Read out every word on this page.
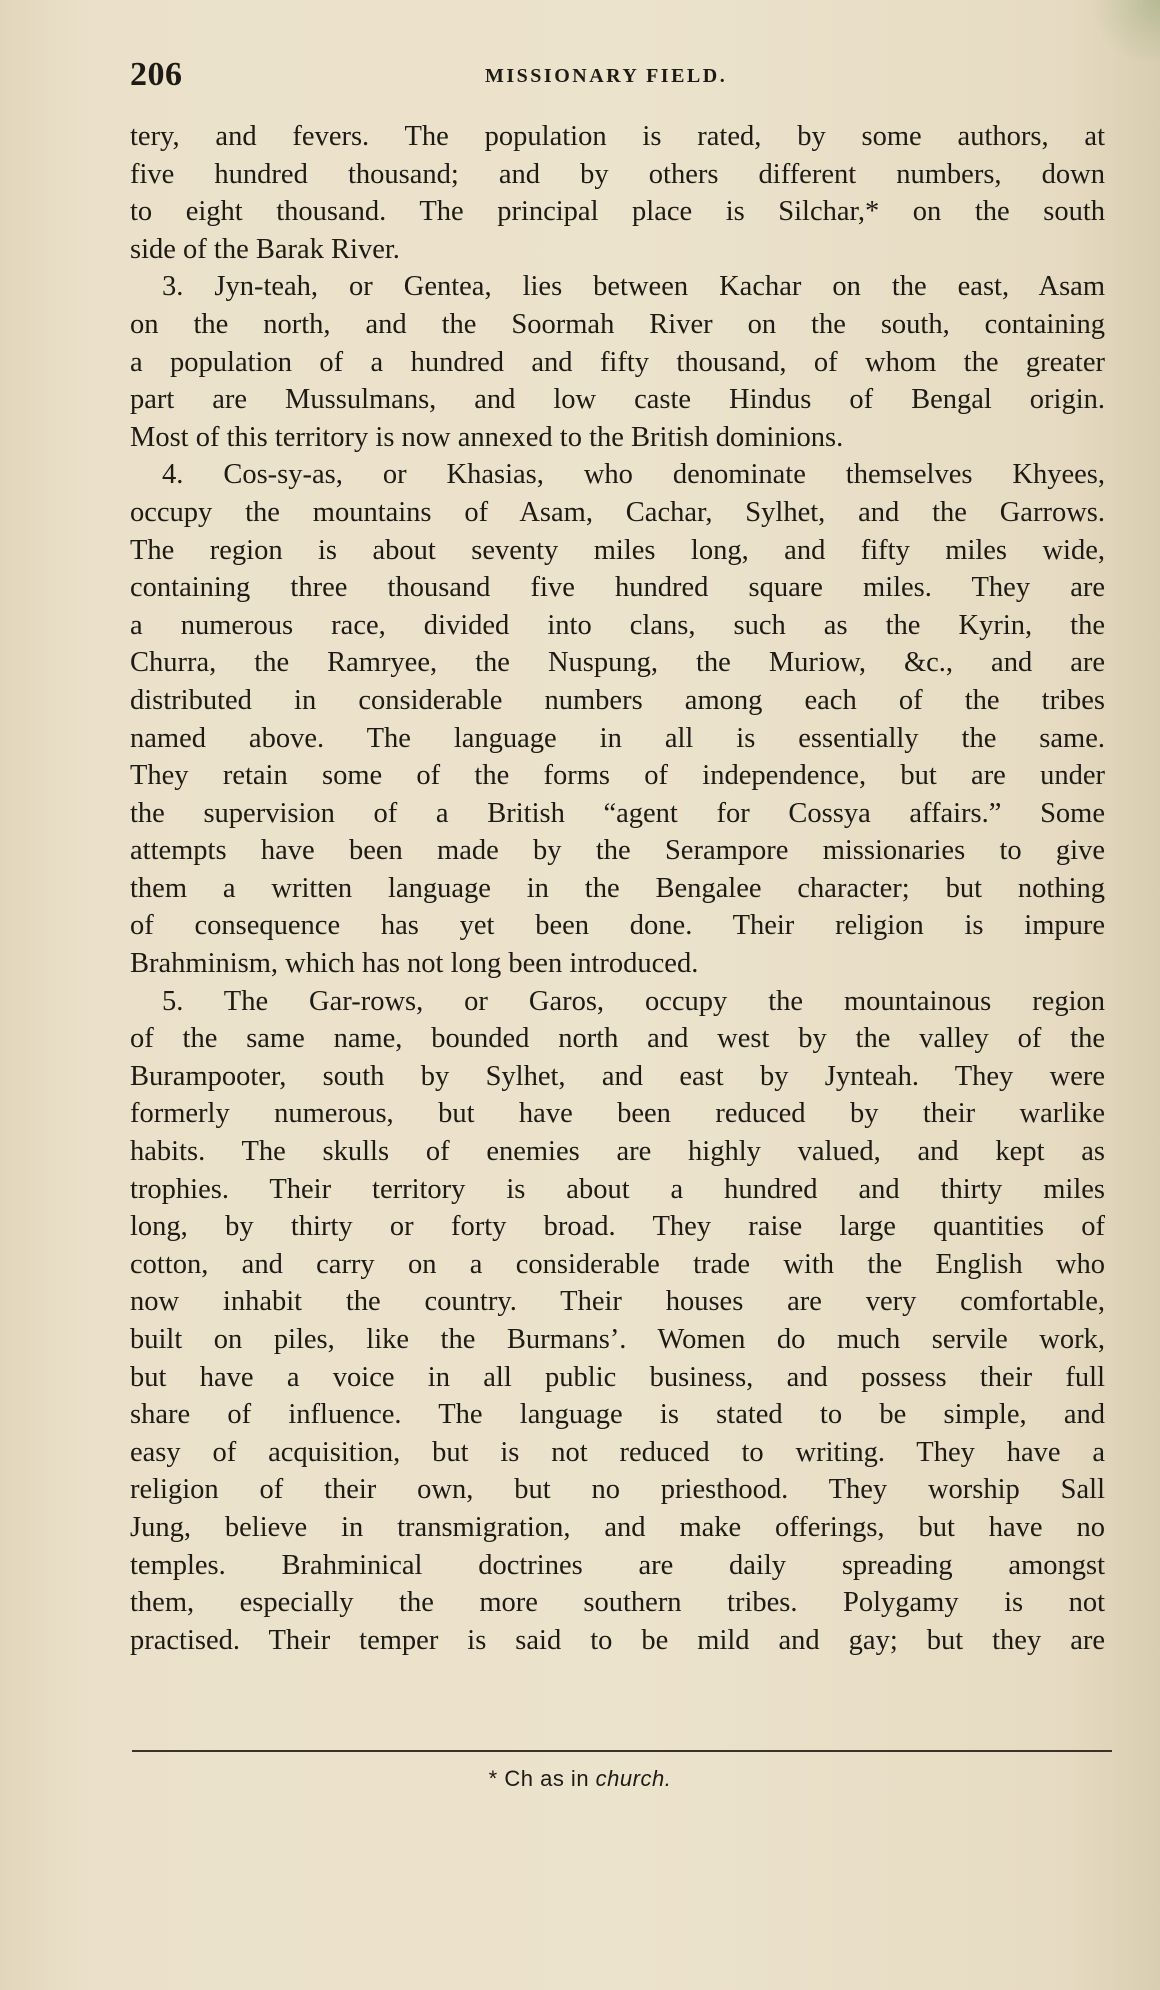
206	MISSIONARY FIELD.
tery, and fevers. The population is rated, by some authors, at
five hundred thousand; and by others different numbers, down
to eight thousand. The principal place is Silchar,* on the south
side of the Barak River.
3. Jyn-teah, or Gentea, lies between Kachar on the east, Asam
on the north, and the Soormah River on the south, containing
a population of a hundred and fifty thousand, of whom the greater
part are Mussulmans, and low caste Hindus of Bengal origin.
Most of this territory is now annexed to the British dominions.
4. Cos-sy-as, or Khasias, who denominate themselves Khyees,
occupy the mountains of Asam, Cachar, Sylhet, and the Garrows.
The region is about seventy miles long, and fifty miles wide,
containing three thousand five hundred square miles. They are
a numerous race, divided into clans, such as the Kyrin, the
Churra, the Ramryee, the Nuspung, the Muriow, &c., and are
distributed in considerable numbers among each of the tribes
named above. The language in all is essentially the same.
They retain some of the forms of independence, but are under
the supervision of a British “agent for Cossya affairs.” Some
attempts have been made by the Serampore missionaries to give
them a written language in the Bengalee character; but nothing
of consequence has yet been done. Their religion is impure
Brahminism, which has not long been introduced.
5. The Gar-rows, or Garos, occupy the mountainous region
of the same name, bounded north and west by the valley of the
Burampooter, south by Sylhet, and east by Jynteah. They were
formerly numerous, but have been reduced by their warlike
habits. The skulls of enemies are highly valued, and kept as
trophies. Their territory is about a hundred and thirty miles
long, by thirty or forty broad. They raise large quantities of
cotton, and carry on a considerable trade with the English who
now inhabit the country. Their houses are very comfortable,
built on piles, like the Burmans’. Women do much servile work,
but have a voice in all public business, and possess their full
share of influence. The language is stated to be simple, and
easy of acquisition, but is not reduced to writing. They have a
religion of their own, but no priesthood. They worship Sall
Jung, believe in transmigration, and make offerings, but have no
temples. Brahminical doctrines are daily spreading amongst
them, especially the more southern tribes. Polygamy is not
practised. Their temper is said to be mild and gay; but they are
* Ch as in church.
